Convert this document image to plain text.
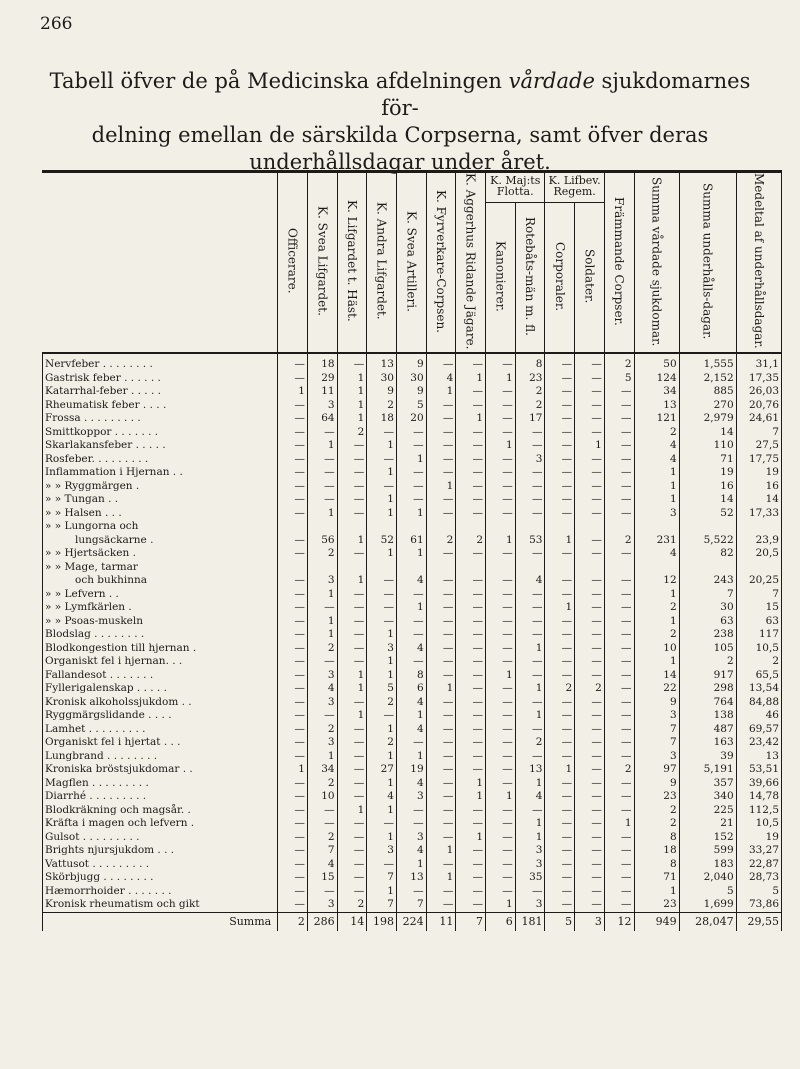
266
Tabell öfver de på Medicinska afdelningen vårdade sjukdomarnes för-
delning emellan de särskilda Corpserna, samt öfver deras
underhållsdagar under året.
	Officerare.	K. Svea Lifgardet.	K. Lifgardet t. Häst.	K. Andra Lifgardet.	K. Svea Artilleri.	K. Fyrverkare-Corpsen.	K. Aggerhus Ridande Jägare.	K. Maj:ts Flotta.		K. Lifbev. Regem.		Främmande Corpser.	Summa vårdade sjukdomar.	Summa underhålls-dagar.	Medeltal af underhållsdagar.
								Kanonierer.	Rotebåts-män m. fl.	Corporaler.	Soldater.				
Nervfeber . . . . . . . .	—	18	—	13	9	—	—	—	8	—	—	2	50	1,555	31,1
Gastrisk feber . . . . . .	—	29	1	30	30	4	1	1	23	—	—	5	124	2,152	17,35
Katarrhal-feber . . . . .	1	11	1	9	9	1	—	—	2	—	—	—	34	885	26,03
Rheumatisk feber . . . .	—	3	1	2	5	—	—	—	2	—	—	—	13	270	20,76
Frossa . . . . . . . . .	—	64	1	18	20	—	1	—	17	—	—	—	121	2,979	24,61
Smittkoppor . . . . . . .	—	—	2	—	—	—	—	—	—	—	—	—	2	14	7
Skarlakansfeber . . . . .	—	1	—	1	—	—	—	1	—	—	1	—	4	110	27,5
Rosfeber. . . . . . . . .	—	—	—	—	1	—	—	—	3	—	—	—	4	71	17,75
Inflammation i Hjernan . .	—	—	—	1	—	—	—	—	—	—	—	—	1	19	19
» » Ryggmärgen .	—	—	—	—	—	1	—	—	—	—	—	—	1	16	16
» » Tungan . .	—	—	—	1	—	—	—	—	—	—	—	—	1	14	14
» » Halsen . . .	—	1	—	1	1	—	—	—	—	—	—	—	3	52	17,33
» » Lungorna och															
lungsäckarne .	—	56	1	52	61	2	2	1	53	1	—	2	231	5,522	23,9
» » Hjertsäcken .	—	2	—	1	1	—	—	—	—	—	—	—	4	82	20,5
» » Mage, tarmar															
och bukhinna	—	3	1	—	4	—	—	—	4	—	—	—	12	243	20,25
» » Lefvern . .	—	1	—	—	—	—	—	—	—	—	—	—	1	7	7
» » Lymfkärlen .	—	—	—	—	1	—	—	—	—	1	—	—	2	30	15
» » Psoas-muskeln	—	1	—	—	—	—	—	—	—	—	—	—	1	63	63
Blodslag . . . . . . . .	—	1	—	1	—	—	—	—	—	—	—	—	2	238	117
Blodkongestion till hjernan .	—	2	—	3	4	—	—	—	1	—	—	—	10	105	10,5
Organiskt fel i hjernan. . .	—	—	—	1	—	—	—	—	—	—	—	—	1	2	2
Fallandesot . . . . . . .	—	3	1	1	8	—	—	1	—	—	—	—	14	917	65,5
Fyllerigalenskap . . . . .	—	4	1	5	6	1	—	—	1	2	2	—	22	298	13,54
Kronisk alkoholssjukdom . .	—	3	—	2	4	—	—	—	—	—	—	—	9	764	84,88
Ryggmärgslidande . . . .	—	—	1	—	1	—	—	—	1	—	—	—	3	138	46
Lamhet . . . . . . . . .	—	2	—	1	4	—	—	—	—	—	—	—	7	487	69,57
Organiskt fel i hjertat . . .	—	3	—	2	—	—	—	—	2	—	—	—	7	163	23,42
Lungbrand . . . . . . . .	—	1	—	1	1	—	—	—	—	—	—	—	3	39	13
Kroniska bröstsjukdomar . .	1	34	—	27	19	—	—	—	13	1	—	2	97	5,191	53,51
Magflen . . . . . . . . .	—	2	—	1	4	—	1	—	1	—	—	—	9	357	39,66
Diarrhé . . . . . . . . .	—	10	—	4	3	—	1	1	4	—	—	—	23	340	14,78
Blodkräkning och magsår. .	—	—	1	1	—	—	—	—	—	—	—	—	2	225	112,5
Kräfta i magen och lefvern .	—	—	—	—	—	—	—	—	1	—	—	1	2	21	10,5
Gulsot . . . . . . . . .	—	2	—	1	3	—	1	—	1	—	—	—	8	152	19
Brights njursjukdom . . .	—	7	—	3	4	1	—	—	3	—	—	—	18	599	33,27
Vattusot . . . . . . . . .	—	4	—	—	1	—	—	—	3	—	—	—	8	183	22,87
Skörbjugg . . . . . . . .	—	15	—	7	13	1	—	—	35	—	—	—	71	2,040	28,73
Hæmorrhoider . . . . . . .	—	—	—	1	—	—	—	—	—	—	—	—	1	5	5
Kronisk rheumatism och gikt	—	3	2	7	7	—	—	1	3	—	—	—	23	1,699	73,86
Summa	2	286	14	198	224	11	7	6	181	5	3	12	949	28,047	29,55
